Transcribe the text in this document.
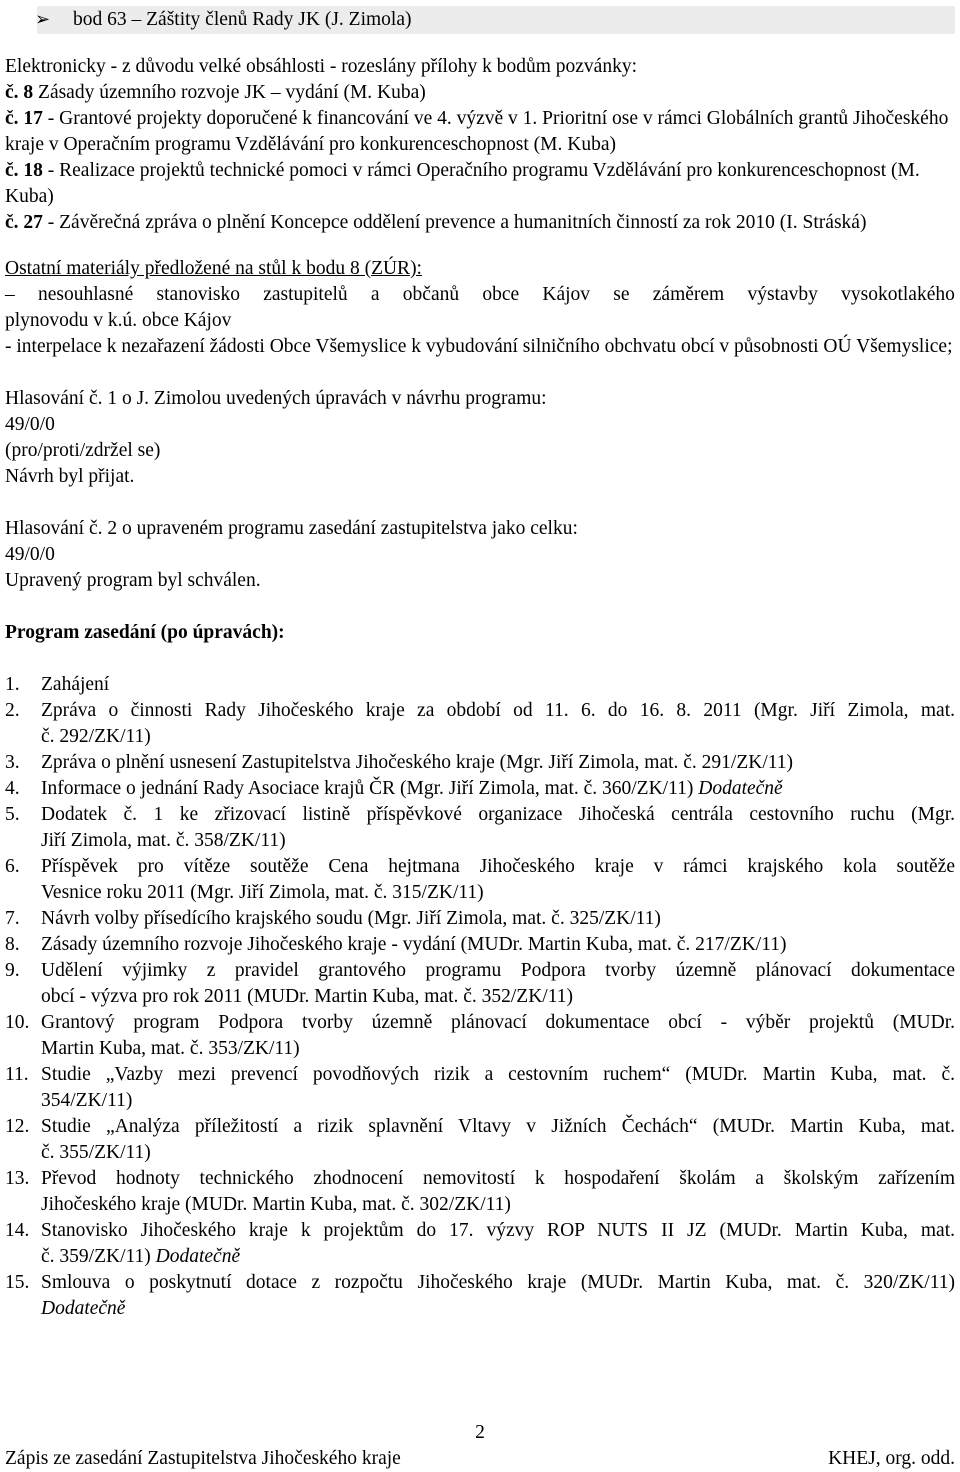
➢ bod 63 – Záštity členů Rady JK (J. Zimola)
Elektronicky - z důvodu velké obsáhlosti - rozeslány přílohy k bodům pozvánky:
č. 8 Zásady územního rozvoje JK – vydání (M. Kuba)
č. 17 - Grantové projekty doporučené k financování ve 4. výzvě v 1. Prioritní ose v rámci Globálních grantů Jihočeského kraje v Operačním programu Vzdělávání pro konkurenceschopnost (M. Kuba)
č. 18 - Realizace projektů technické pomoci v rámci Operačního programu Vzdělávání pro konkurenceschopnost (M. Kuba)
č. 27 - Závěrečná zpráva o plnění Koncepce oddělení prevence a humanitních činností za rok 2010 (I. Stráská)
Ostatní materiály předložené na stůl k bodu 8 (ZÚR):
– nesouhlasné stanovisko zastupitelů a občanů obce Kájov se záměrem výstavby vysokotlakého
plynovodu v k.ú. obce Kájov
- interpelace k nezařazení žádosti Obce Všemyslice k vybudování silničního obchvatu obcí v působnosti OÚ Všemyslice;
Hlasování č. 1 o J. Zimolou uvedených úpravách v návrhu programu:
49/0/0
(pro/proti/zdržel se)
Návrh byl přijat.
Hlasování č. 2 o upraveném programu zasedání zastupitelstva jako celku:
49/0/0
Upravený program byl schválen.
Program zasedání (po úpravách):
1. Zahájení
2. Zpráva o činnosti Rady Jihočeského kraje za období od 11. 6. do 16. 8. 2011 (Mgr. Jiří Zimola, mat.
č. 292/ZK/11)
3. Zpráva o plnění usnesení Zastupitelstva Jihočeského kraje (Mgr. Jiří Zimola, mat. č. 291/ZK/11)
4. Informace o jednání Rady Asociace krajů ČR (Mgr. Jiří Zimola, mat. č. 360/ZK/11) Dodatečně
5. Dodatek č. 1 ke zřizovací listině příspěvkové organizace Jihočeská centrála cestovního ruchu (Mgr.
Jiří Zimola, mat. č. 358/ZK/11)
6. Příspěvek pro vítěze soutěže Cena hejtmana Jihočeského kraje v rámci krajského kola soutěže
Vesnice roku 2011 (Mgr. Jiří Zimola, mat. č. 315/ZK/11)
7. Návrh volby přísedícího krajského soudu (Mgr. Jiří Zimola, mat. č. 325/ZK/11)
8. Zásady územního rozvoje Jihočeského kraje - vydání (MUDr. Martin Kuba, mat. č. 217/ZK/11)
9. Udělení výjimky z pravidel grantového programu Podpora tvorby územně plánovací dokumentace
obcí - výzva pro rok 2011 (MUDr. Martin Kuba, mat. č. 352/ZK/11)
10. Grantový program Podpora tvorby územně plánovací dokumentace obcí - výběr projektů (MUDr.
Martin Kuba, mat. č. 353/ZK/11)
11. Studie „Vazby mezi prevencí povodňových rizik a cestovním ruchem“ (MUDr. Martin Kuba, mat. č.
354/ZK/11)
12. Studie „Analýza příležitostí a rizik splavnění Vltavy v Jižních Čechách“ (MUDr. Martin Kuba, mat.
č. 355/ZK/11)
13. Převod hodnoty technického zhodnocení nemovitostí k hospodaření školám a školským zařízením
Jihočeského kraje (MUDr. Martin Kuba, mat. č. 302/ZK/11)
14. Stanovisko Jihočeského kraje k projektům do 17. výzvy ROP NUTS II JZ (MUDr. Martin Kuba, mat.
č. 359/ZK/11) Dodatečně
15. Smlouva o poskytnutí dotace z rozpočtu Jihočeského kraje (MUDr. Martin Kuba, mat. č. 320/ZK/11)
Dodatečně
2
Zápis ze zasedání Zastupitelstva Jihočeského kraje	KHEJ, org. odd.
